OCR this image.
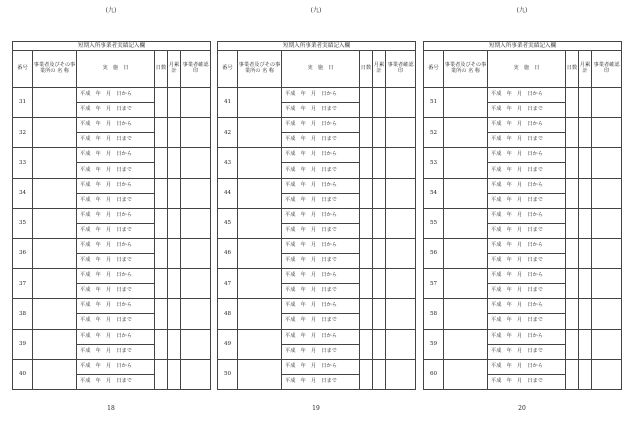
(九)
短期入所事業者実績記入欄					
番号	事業者及びその事業所の 名 称	実　施　日	日数	月累計	事業者確認印
31		平成　年　月　日から			
		平成　年　月　日まで			
32		平成　年　月　日から			
		平成　年　月　日まで			
33		平成　年　月　日から			
		平成　年　月　日まで			
34		平成　年　月　日から			
		平成　年　月　日まで			
35		平成　年　月　日から			
		平成　年　月　日まで			
36		平成　年　月　日から			
		平成　年　月　日まで			
37		平成　年　月　日から			
		平成　年　月　日まで			
38		平成　年　月　日から			
		平成　年　月　日まで			
39		平成　年　月　日から			
		平成　年　月　日まで			
40		平成　年　月　日から			
		平成　年　月　日まで			
18
(九)
短期入所事業者実績記入欄					
番号	事業者及びその事業所の 名 称	実　施　日	日数	月累計	事業者確認印
41		平成　年　月　日から			
		平成　年　月　日まで			
42		平成　年　月　日から			
		平成　年　月　日まで			
43		平成　年　月　日から			
		平成　年　月　日まで			
44		平成　年　月　日から			
		平成　年　月　日まで			
45		平成　年　月　日から			
		平成　年　月　日まで			
46		平成　年　月　日から			
		平成　年　月　日まで			
47		平成　年　月　日から			
		平成　年　月　日まで			
48		平成　年　月　日から			
		平成　年　月　日まで			
49		平成　年　月　日から			
		平成　年　月　日まで			
50		平成　年　月　日から			
		平成　年　月　日まで			
19
(九)
短期入所事業者実績記入欄					
番号	事業者及びその事業所の 名 称	実　施　日	日数	月累計	事業者確認印
51		平成　年　月　日から			
		平成　年　月　日まで			
52		平成　年　月　日から			
		平成　年　月　日まで			
53		平成　年　月　日から			
		平成　年　月　日まで			
54		平成　年　月　日から			
		平成　年　月　日まで			
55		平成　年　月　日から			
		平成　年　月　日まで			
56		平成　年　月　日から			
		平成　年　月　日まで			
57		平成　年　月　日から			
		平成　年　月　日まで			
58		平成　年　月　日から			
		平成　年　月　日まで			
59		平成　年　月　日から			
		平成　年　月　日まで			
60		平成　年　月　日から			
		平成　年　月　日まで			
20
